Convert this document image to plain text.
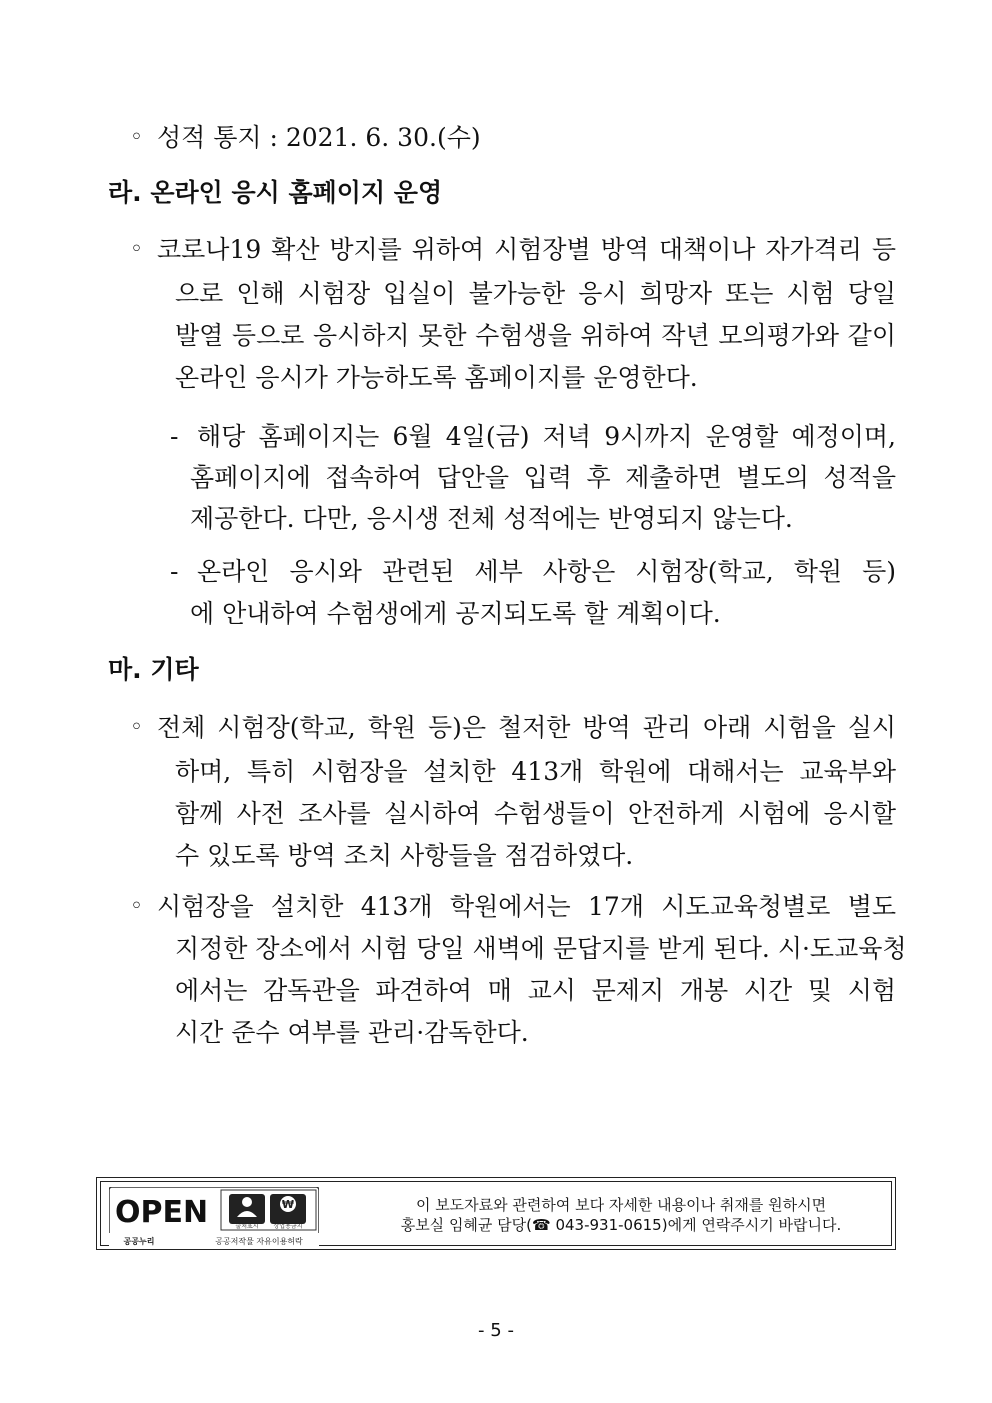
◦ 성적 통지 : 2021. 6. 30.(수)
라. 온라인 응시 홈페이지 운영
◦ 코로나19 확산 방지를 위하여 시험장별 방역 대책이나 자가격리 등
으로 인해 시험장 입실이 불가능한 응시 희망자 또는 시험 당일
발열 등으로 응시하지 못한 수험생을 위하여 작년 모의평가와 같이
온라인 응시가 가능하도록 홈페이지를 운영한다.
- 해당 홈페이지는 6월 4일(금) 저녁 9시까지 운영할 예정이며,
홈페이지에 접속하여 답안을 입력 후 제출하면 별도의 성적을
제공한다. 다만, 응시생 전체 성적에는 반영되지 않는다.
- 온라인 응시와 관련된 세부 사항은 시험장(학교, 학원 등)
에 안내하여 수험생에게 공지되도록 할 계획이다.
마. 기타
◦ 전체 시험장(학교, 학원 등)은 철저한 방역 관리 아래 시험을 실시
하며, 특히 시험장을 설치한 413개 학원에 대해서는 교육부와
함께 사전 조사를 실시하여 수험생들이 안전하게 시험에 응시할
수 있도록 방역 조치 사항들을 점검하였다.
◦ 시험장을 설치한 413개 학원에서는 17개 시도교육청별로 별도
지정한 장소에서 시험 당일 새벽에 문답지를 받게 된다. 시·도교육청
에서는 감독관을 파견하여 매 교시 문제지 개봉 시간 및 시험
시간 준수 여부를 관리·감독한다.
OPEN	₩
출처표시 상업용금지
공공누리	공공저작물 자유이용허락
이 보도자료와 관련하여 보다 자세한 내용이나 취재를 원하시면
홍보실 임혜균 담당(☎ 043-931-0615)에게 연락주시기 바랍니다.
- 5 -
